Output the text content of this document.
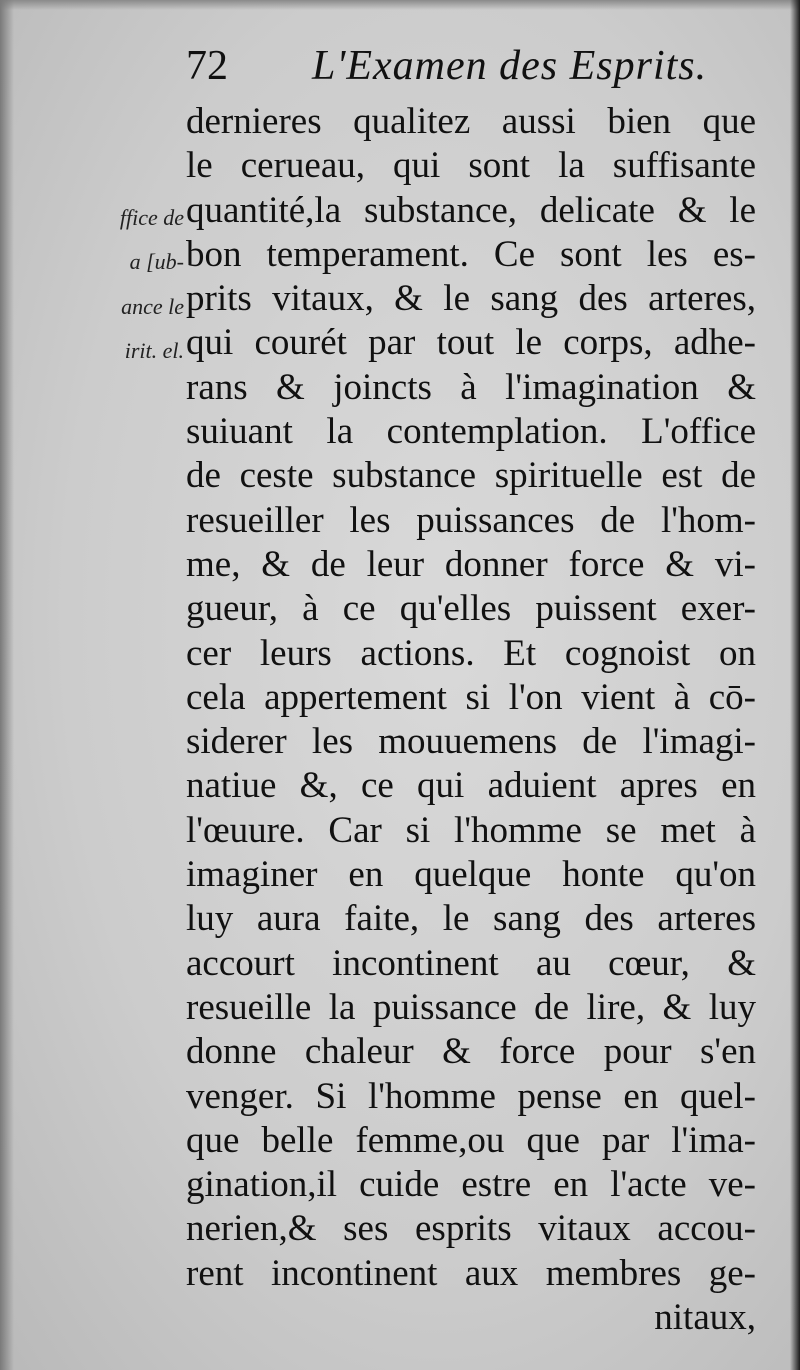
72 L'Examen des Esprits.
ffice de
a [ub-
ance le
irit. el.
dernieres qualitez aussi bien que
le cerueau, qui sont la suffisante
quantité,la substance, delicate & le
bon temperament. Ce sont les es-
prits vitaux, & le sang des arteres,
qui courét par tout le corps, adhe-
rans & joincts à l'imagination &
suiuant la contemplation. L'office
de ceste substance spirituelle est de
resueiller les puissances de l'hom-
me, & de leur donner force & vi-
gueur, à ce qu'elles puissent exer-
cer leurs actions. Et cognoist on
cela appertement si l'on vient à cō-
siderer les mouuemens de l'imagi-
natiue &, ce qui aduient apres en
l'œuure. Car si l'homme se met à
imaginer en quelque honte qu'on
luy aura faite, le sang des arteres
accourt incontinent au cœur, &
resueille la puissance de lire, & luy
donne chaleur & force pour s'en
venger. Si l'homme pense en quel-
que belle femme,ou que par l'ima-
gination,il cuide estre en l'acte ve-
nerien,& ses esprits vitaux accou-
rent incontinent aux membres ge-
nitaux,
